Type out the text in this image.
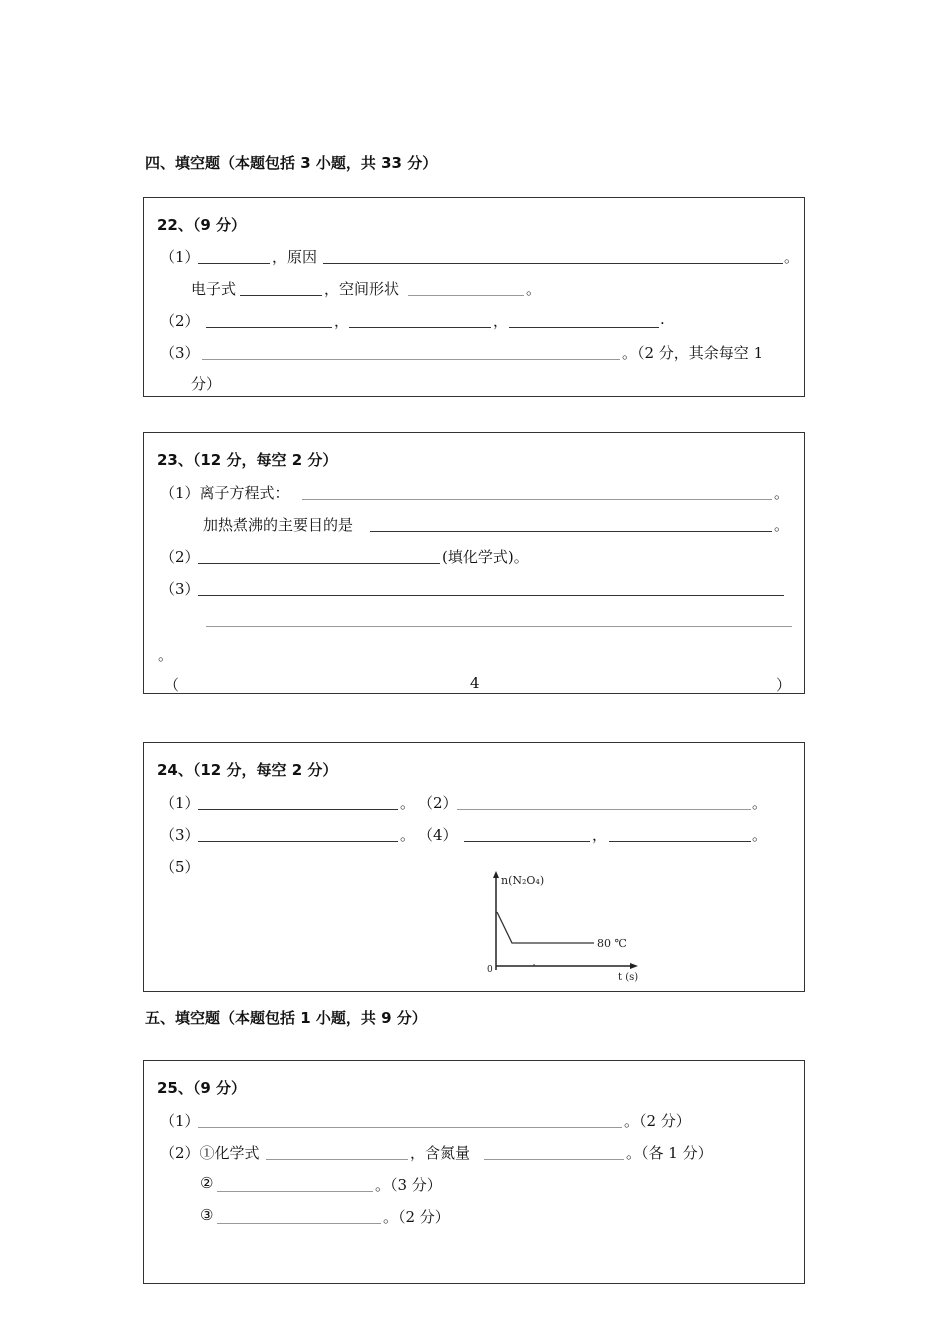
四、填空题（本题包括 3 小题，共 33 分）
22、（9 分）
（1）	，原因	。
电子式	，空间形状	。
（2）	，	，	.
（3）	。（2 分，其余每空 1
分）
23、（12 分，每空 2 分）
（1）离子方程式：	。
加热煮沸的主要目的是	。
（2）	(填化学式)。
（3）
。
（	4	）
24、（12 分，每空 2 分）
（1）	。 （2）	。
（3）	。 （4）	，	。
（5）
n(N₂O₄)
0
t (s)
80 ℃
五、填空题（本题包括 1 小题，共 9 分）
25、（9 分）
（1）	。（2 分）
（2）①化学式	，含氮量	。（各 1 分）
②	。（3 分）
③	。（2 分）
